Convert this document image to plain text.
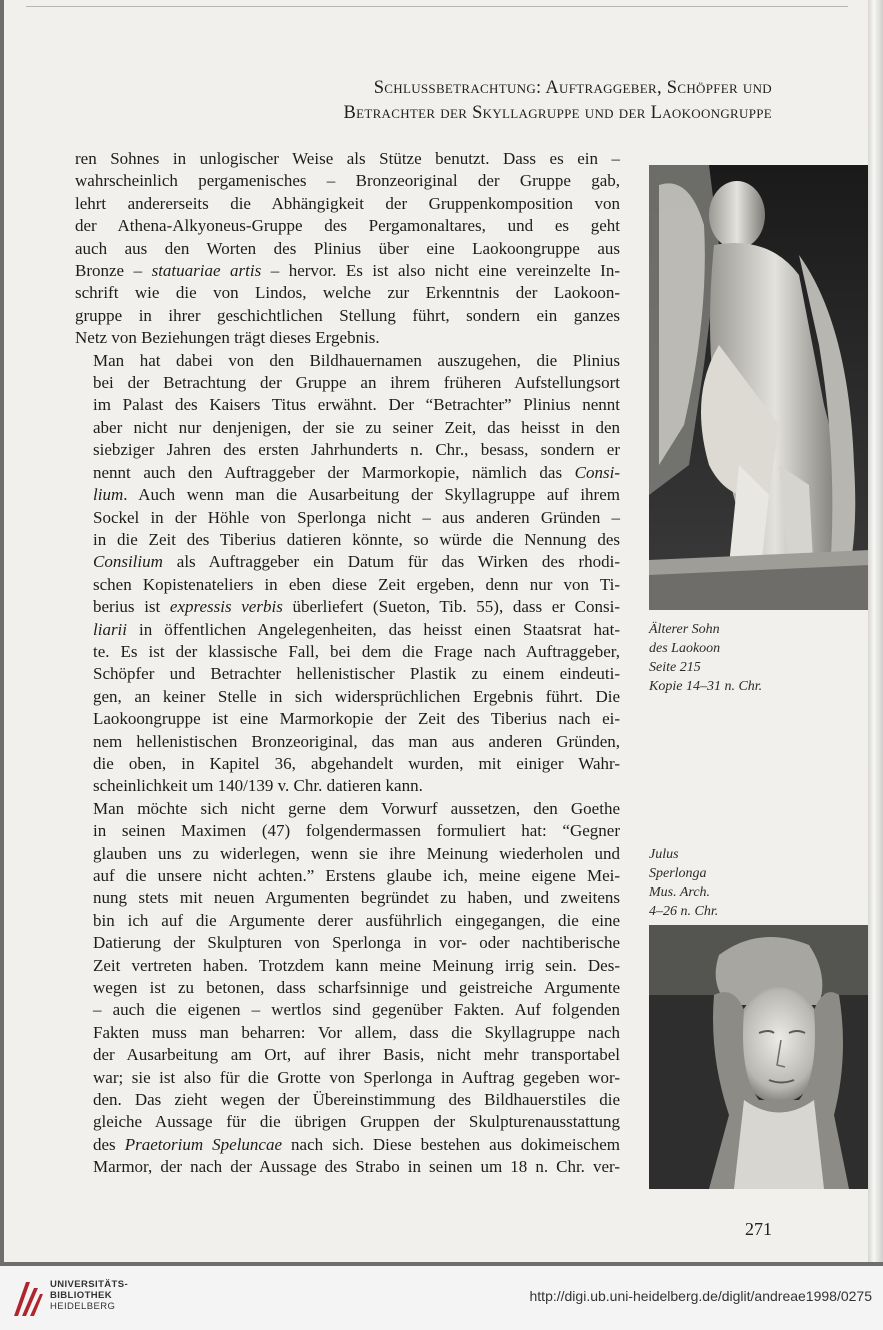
Schlussbetrachtung: Auftraggeber, Schöpfer und
Betrachter der Skyllagruppe und der Laokoongruppe

ren Sohnes in unlogischer Weise als Stütze benutzt. Dass es ein –
wahrscheinlich pergamenisches – Bronzeoriginal der Gruppe gab,
lehrt andererseits die Abhängigkeit der Gruppenkomposition von
der Athena-Alkyoneus-Gruppe des Pergamonaltares, und es geht
auch aus den Worten des Plinius über eine Laokoongruppe aus
Bronze – statuariae artis – hervor. Es ist also nicht eine vereinzelte In-
schrift wie die von Lindos, welche zur Erkenntnis der Laokoon-
gruppe in ihrer geschichtlichen Stellung führt, sondern ein ganzes
Netz von Beziehungen trägt dieses Ergebnis.

Man hat dabei von den Bildhauernamen auszugehen, die Plinius
bei der Betrachtung der Gruppe an ihrem früheren Aufstellungsort
im Palast des Kaisers Titus erwähnt. Der “Betrachter” Plinius nennt
aber nicht nur denjenigen, der sie zu seiner Zeit, das heisst in den
siebziger Jahren des ersten Jahrhunderts n. Chr., besass, sondern er
nennt auch den Auftraggeber der Marmorkopie, nämlich das Consi-
lium. Auch wenn man die Ausarbeitung der Skyllagruppe auf ihrem
Sockel in der Höhle von Sperlonga nicht – aus anderen Gründen –
in die Zeit des Tiberius datieren könnte, so würde die Nennung des
Consilium als Auftraggeber ein Datum für das Wirken des rhodi-
schen Kopistenateliers in eben diese Zeit ergeben, denn nur von Ti-
berius ist expressis verbis überliefert (Sueton, Tib. 55), dass er Consi-
liarii in öffentlichen Angelegenheiten, das heisst einen Staatsrat hat-
te. Es ist der klassische Fall, bei dem die Frage nach Auftraggeber,
Schöpfer und Betrachter hellenistischer Plastik zu einem eindeuti-
gen, an keiner Stelle in sich widersprüchlichen Ergebnis führt. Die
Laokoongruppe ist eine Marmorkopie der Zeit des Tiberius nach ei-
nem hellenistischen Bronzeoriginal, das man aus anderen Gründen,
die oben, in Kapitel 36, abgehandelt wurden, mit einiger Wahr-
scheinlichkeit um 140/139 v. Chr. datieren kann.

Man möchte sich nicht gerne dem Vorwurf aussetzen, den Goethe
in seinen Maximen (47) folgendermassen formuliert hat: “Gegner
glauben uns zu widerlegen, wenn sie ihre Meinung wiederholen und
auf die unsere nicht achten.” Erstens glaube ich, meine eigene Mei-
nung stets mit neuen Argumenten begründet zu haben, und zweitens
bin ich auf die Argumente derer ausführlich eingegangen, die eine
Datierung der Skulpturen von Sperlonga in vor- oder nachtiberische
Zeit vertreten haben. Trotzdem kann meine Meinung irrig sein. Des-
wegen ist zu betonen, dass scharfsinnige und geistreiche Argumente
– auch die eigenen – wertlos sind gegenüber Fakten. Auf folgenden
Fakten muss man beharren: Vor allem, dass die Skyllagruppe nach
der Ausarbeitung am Ort, auf ihrer Basis, nicht mehr transportabel
war; sie ist also für die Grotte von Sperlonga in Auftrag gegeben wor-
den. Das zieht wegen der Übereinstimmung des Bildhauerstiles die
gleiche Aussage für die übrigen Gruppen der Skulpturenausstattung
des Praetorium Speluncae nach sich. Diese bestehen aus dokimeischem
Marmor, der nach der Aussage des Strabo in seinen um 18 n. Chr. ver-

Älterer Sohn
des Laokoon
Seite 215
Kopie 14–31 n. Chr.
Julus
Sperlonga
Mus. Arch.
4–26 n. Chr.
271
UNIVERSITÄTS-
BIBLIOTHEK
HEIDELBERG
http://digi.ub.uni-heidelberg.de/diglit/andreae1998/0275
